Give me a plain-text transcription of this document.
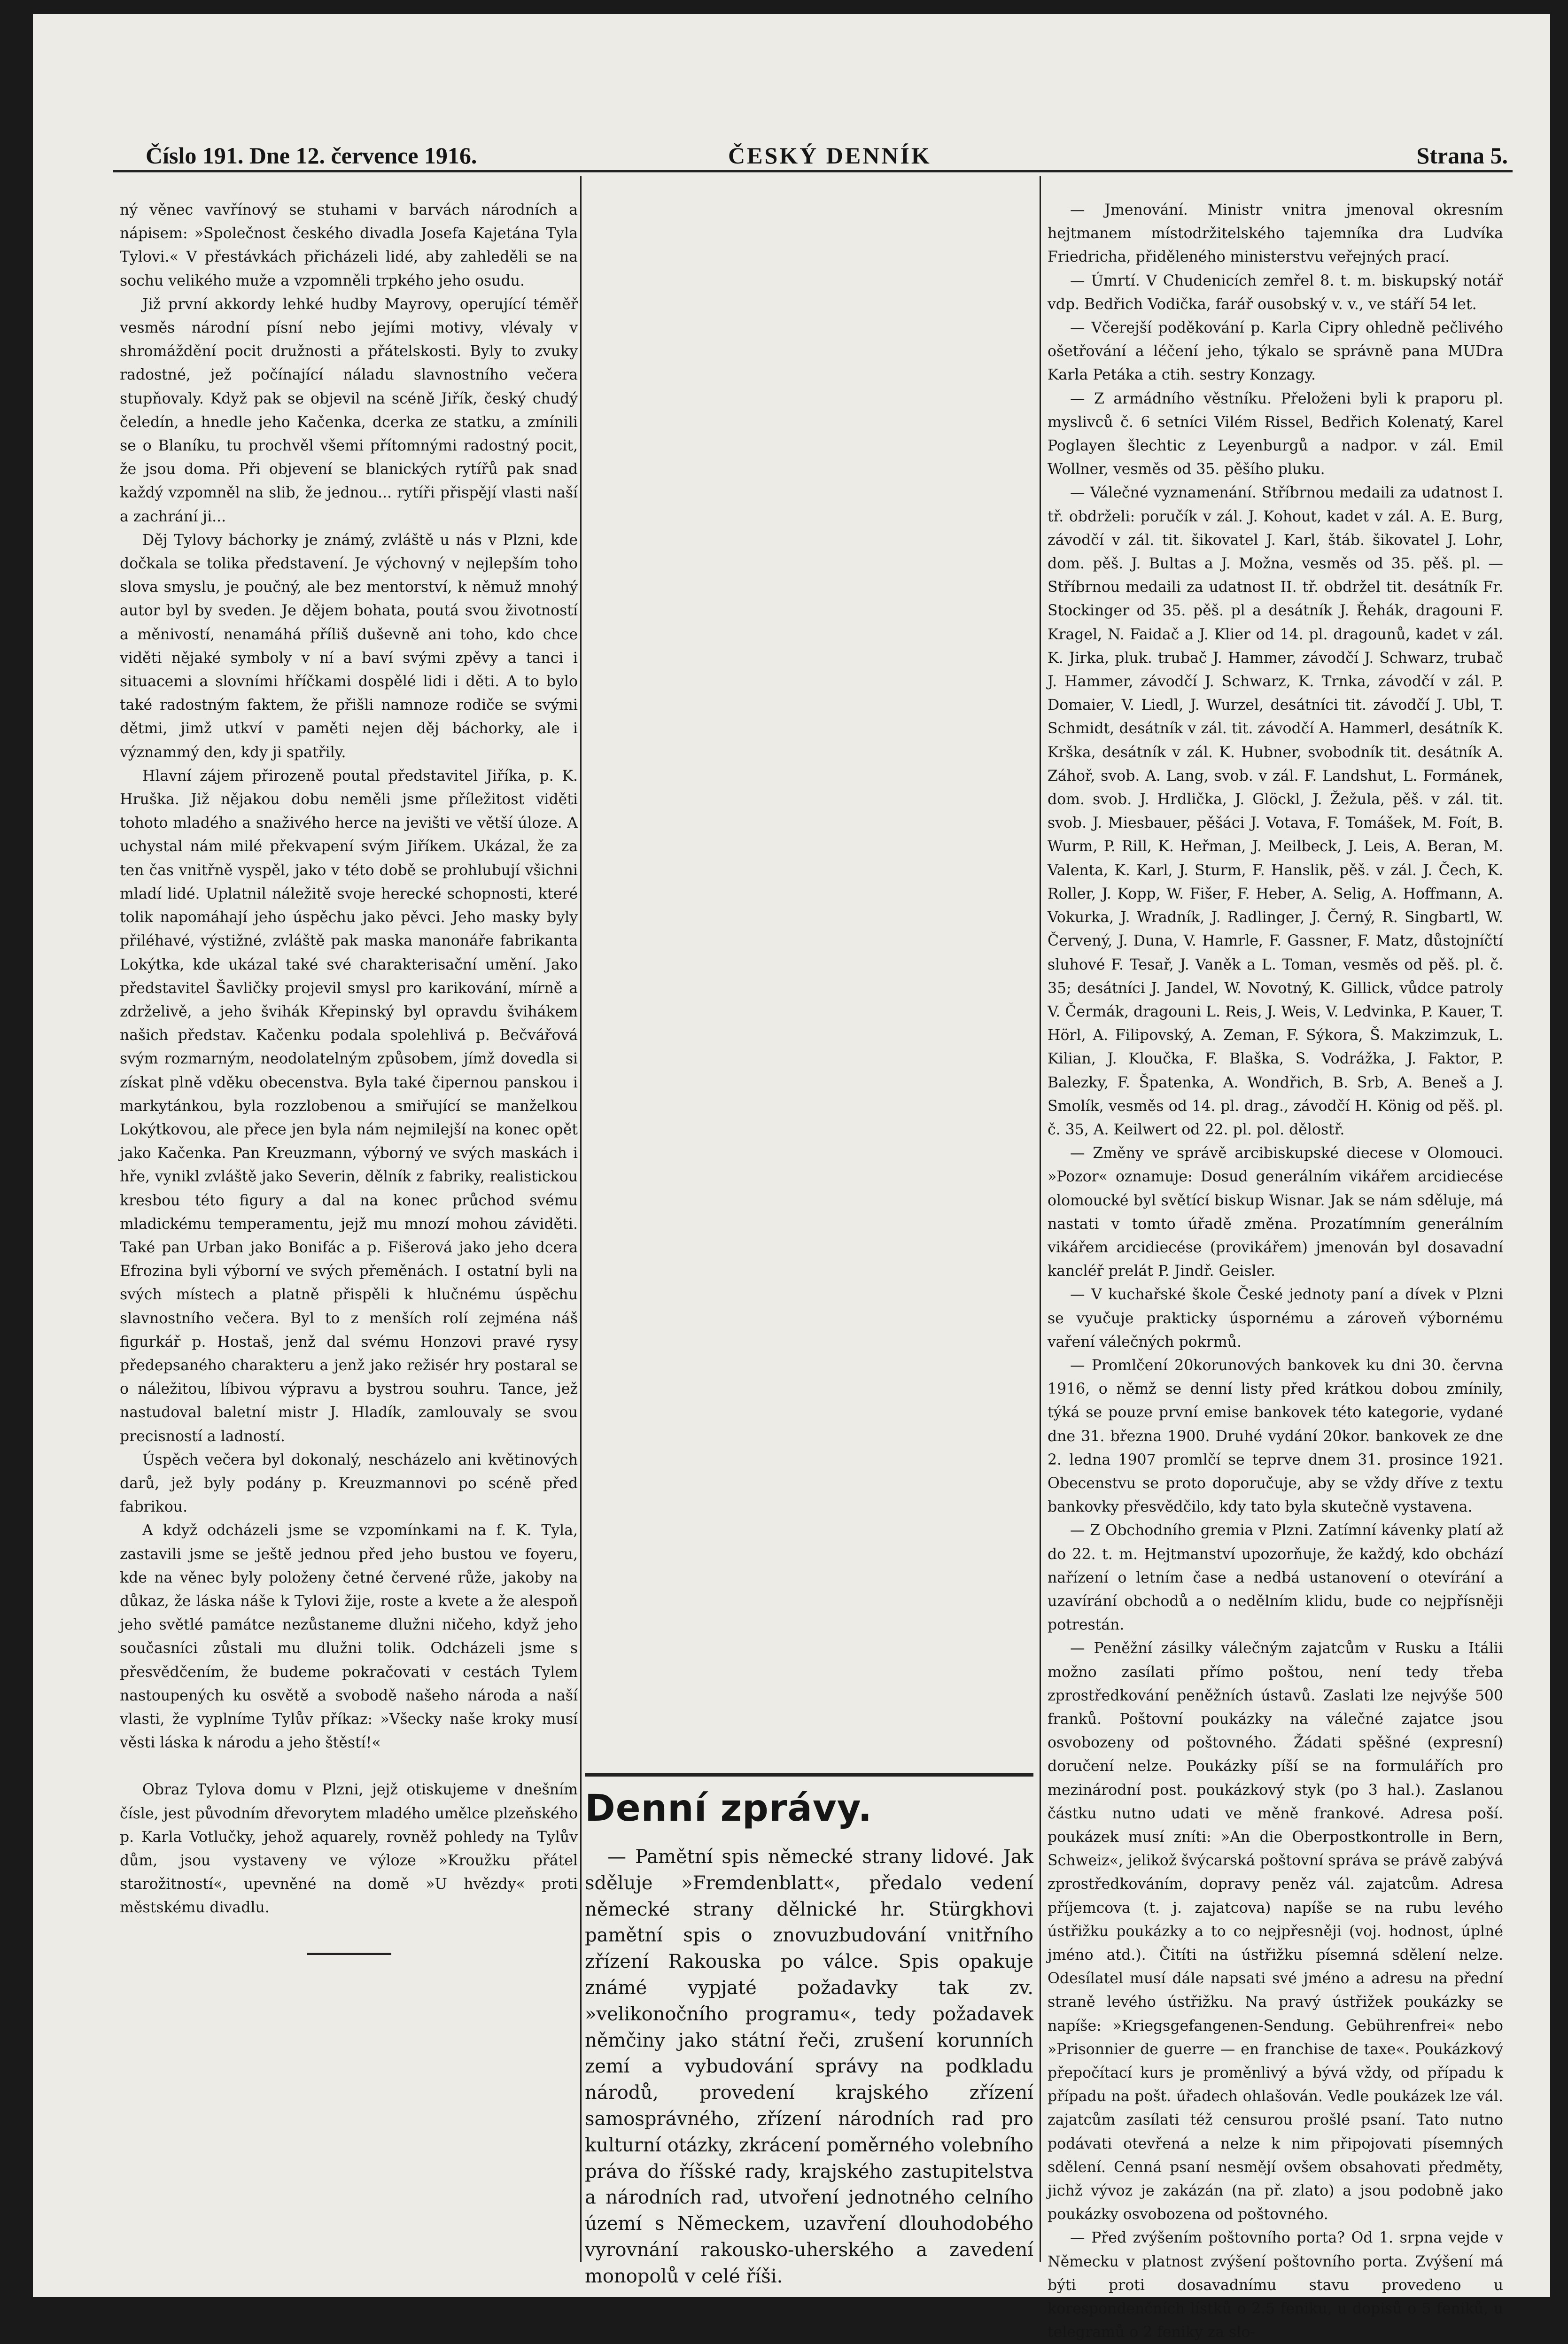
Číslo 191. Dne 12. července 1916.	ČESKÝ DENNÍK	Strana 5.

ný věnec vavřínový se stuhami v barvách národních a nápisem: »Společnost českého divadla Josefa Kajetána Tyla Tylovi.« V přestávkách přicházeli lidé, aby zahleděli se na sochu velikého muže a vzpomněli trpkého jeho osudu.

Již první akkordy lehké hudby Mayrovy, operující téměř vesměs národní písní nebo jejími motivy, vlévaly v shromáždění pocit družnosti a přátelskosti. Byly to zvuky radostné, jež počínající náladu slavnostního večera stupňovaly. Když pak se objevil na scéně Jiřík, český chudý čeledín, a hnedle jeho Kačenka, dcerka ze statku, a zmínili se o Blaníku, tu prochvěl všemi přítomnými radostný pocit, že jsou doma. Při objevení se blanických rytířů pak snad každý vzpomněl na slib, že jednou... rytíři přispějí vlasti naší a zachrání ji...

Děj Tylovy báchorky je známý, zvláště u nás v Plzni, kde dočkala se tolika představení. Je výchovný v nejlepším toho slova smyslu, je poučný, ale bez mentorství, k němuž mnohý autor byl by sveden. Je dějem bohata, poutá svou životností a měnivostí, nenamáhá příliš duševně ani toho, kdo chce viděti nějaké symboly v ní a baví svými zpěvy a tanci i situacemi a slovními hříčkami dospělé lidi i děti. A to bylo také radostným faktem, že přišli namnoze rodiče se svými dětmi, jimž utkví v paměti nejen děj báchorky, ale i význammý den, kdy ji spatřily.

Hlavní zájem přirozeně poutal představitel Jiříka, p. K. Hruška. Již nějakou dobu neměli jsme příležitost viděti tohoto mladého a snaživého herce na jevišti ve větší úloze. A uchystal nám milé překvapení svým Jiříkem. Ukázal, že za ten čas vnitřně vyspěl, jako v této době se prohlubují všichni mladí lidé. Uplatnil náležitě svoje herecké schopnosti, které tolik napomáhají jeho úspěchu jako pěvci. Jeho masky byly přiléhavé, výstižné, zvláště pak maska manonáře fabrikanta Lokýtka, kde ukázal také své charakterisační umění. Jako představitel Šavličky projevil smysl pro karikování, mírně a zdrželivě, a jeho švihák Křepinský byl opravdu švihákem našich představ. Kačenku podala spolehlivá p. Bečvářová svým rozmarným, neodolatelným způsobem, jímž dovedla si získat plně vděku obecenstva. Byla také čipernou panskou i markytánkou, byla rozzlobenou a smiřující se manželkou Lokýtkovou, ale přece jen byla nám nejmilejší na konec opět jako Kačenka. Pan Kreuzmann, výborný ve svých maskách i hře, vynikl zvláště jako Severin, dělník z fabriky, realistickou kresbou této figury a dal na konec průchod svému mladickému temperamentu, jejž mu mnozí mohou záviděti. Také pan Urban jako Bonifác a p. Fišerová jako jeho dcera Efrozina byli výborní ve svých přeměnách. I ostatní byli na svých místech a platně přispěli k hlučnému úspěchu slavnostního večera. Byl to z menších rolí zejména náš figurkář p. Hostaš, jenž dal svému Honzovi pravé rysy předepsaného charakteru a jenž jako režisér hry postaral se o náležitou, líbivou výpravu a bystrou souhru. Tance, jež nastudoval baletní mistr J. Hladík, zamlouvaly se svou precisností a ladností.

Úspěch večera byl dokonalý, nescházelo ani květinových darů, jež byly podány p. Kreuzmannovi po scéně před fabrikou.

A když odcházeli jsme se vzpomínkami na f. K. Tyla, zastavili jsme se ještě jednou před jeho bustou ve foyeru, kde na věnec byly položeny četné červené růže, jakoby na důkaz, že láska náše k Tylovi žije, roste a kvete a že alespoň jeho světlé památce nezůstaneme dlužni ničeho, když jeho současníci zůstali mu dlužni tolik. Odcházeli jsme s přesvědčením, že budeme pokračovati v cestách Tylem nastoupených ku osvětě a svobodě našeho národa a naší vlasti, že vyplníme Tylův příkaz: »Všecky naše kroky musí věsti láska k národu a jeho štěstí!«

Obraz Tylova domu v Plzni, jejž otiskujeme v dnešním čísle, jest původním dřevorytem mladého umělce plzeňského p. Karla Votlučky, jehož aquarely, rovněž pohledy na Tylův dům, jsou vystaveny ve výloze »Kroužku přátel starožitností«, upevněné na domě »U hvězdy« proti městskému divadlu.

Denní zprávy.

— Pamětní spis německé strany lidové. Jak sděluje »Fremdenblatt«, předalo vedení německé strany dělnické hr. Stürgkhovi pamětní spis o znovuzbudování vnitřního zřízení Rakouska po válce. Spis opakuje známé vypjaté požadavky tak zv. »velikonočního programu«, tedy požadavek němčiny jako státní řeči, zrušení korunních zemí a vybudování správy na podkladu národů, provedení krajského zřízení samosprávného, zřízení národních rad pro kulturní otázky, zkrácení poměrného volebního práva do říšské rady, krajského zastupitelstva a národních rad, utvoření jednotného celního území s Německem, uzavření dlouhodobého vyrovnání rakousko-uherského a zavedení monopolů v celé říši.

— Jmenování. Ministr vnitra jmenoval okresním hejtmanem místodržitelského tajemníka dra Ludvíka Friedricha, přiděleného ministerstvu veřejných prací.

— Úmrtí. V Chudenicích zemřel 8. t. m. biskupský notář vdp. Bedřich Vodička, farář ousobský v. v., ve stáří 54 let.

— Včerejší poděkování p. Karla Cipry ohledně pečlivého ošetřování a léčení jeho, týkalo se správně pana MUDra Karla Petáka a ctih. sestry Konzagy.

— Z armádního věstníku. Přeloženi byli k praporu pl. myslivců č. 6 setníci Vilém Rissel, Bedřich Kolenatý, Karel Poglayen šlechtic z Leyenburgů a nadpor. v zál. Emil Wollner, vesměs od 35. pěšího pluku.

— Válečné vyznamenání. Stříbrnou medaili za udatnost I. tř. obdrželi: poručík v zál. J. Kohout, kadet v zál. A. E. Burg, závodčí v zál. tit. šikovatel J. Karl, štáb. šikovatel J. Lohr, dom. pěš. J. Bultas a J. Možna, vesměs od 35. pěš. pl. — Stříbrnou medaili za udatnost II. tř. obdržel tit. desátník Fr. Stockinger od 35. pěš. pl a desátník J. Řehák, dragouni F. Kragel, N. Faidač a J. Klier od 14. pl. dragounů, kadet v zál. K. Jirka, pluk. trubač J. Hammer, závodčí J. Schwarz, trubač J. Hammer, závodčí J. Schwarz, K. Trnka, závodčí v zál. P. Domaier, V. Liedl, J. Wurzel, desátníci tit. závodčí J. Ubl, T. Schmidt, desátník v zál. tit. závodčí A. Hammerl, desátník K. Krška, desátník v zál. K. Hubner, svobodník tit. desátník A. Záhoř, svob. A. Lang, svob. v zál. F. Landshut, L. Formánek, dom. svob. J. Hrdlička, J. Glöckl, J. Žežula, pěš. v zál. tit. svob. J. Miesbauer, pěšáci J. Votava, F. Tomášek, M. Foít, B. Wurm, P. Rill, K. Heřman, J. Meilbeck, J. Leis, A. Beran, M. Valenta, K. Karl, J. Sturm, F. Hanslik, pěš. v zál. J. Čech, K. Roller, J. Kopp, W. Fišer, F. Heber, A. Selig, A. Hoffmann, A. Vokurka, J. Wradník, J. Radlinger, J. Černý, R. Singbartl, W. Červený, J. Duna, V. Hamrle, F. Gassner, F. Matz, důstojníčtí sluhové F. Tesař, J. Vaněk a L. Toman, vesměs od pěš. pl. č. 35; desátníci J. Jandel, W. Novotný, K. Gillick, vůdce patroly V. Čermák, dragouni L. Reis, J. Weis, V. Ledvinka, P. Kauer, T. Hörl, A. Filipovský, A. Zeman, F. Sýkora, Š. Makzimzuk, L. Kilian, J. Kloučka, F. Blaška, S. Vodrážka, J. Faktor, P. Balezky, F. Špatenka, A. Wondřich, B. Srb, A. Beneš a J. Smolík, vesměs od 14. pl. drag., závodčí H. König od pěš. pl. č. 35, A. Keilwert od 22. pl. pol. dělostř.

— Změny ve správě arcibiskupské diecese v Olomouci. »Pozor« oznamuje: Dosud generálním vikářem arcidiecése olomoucké byl světící biskup Wisnar. Jak se nám sděluje, má nastati v tomto úřadě změna. Prozatímním generálním vikářem arcidiecése (provikářem) jmenován byl dosavadní kancléř prelát P. Jindř. Geisler.

— V kuchařské škole České jednoty paní a dívek v Plzni se vyučuje prakticky úspornému a zároveň výbornému vaření válečných pokrmů.

— Promlčení 20korunových bankovek ku dni 30. června 1916, o němž se denní listy před krátkou dobou zmínily, týká se pouze první emise bankovek této kategorie, vydané dne 31. března 1900. Druhé vydání 20kor. bankovek ze dne 2. ledna 1907 promlčí se teprve dnem 31. prosince 1921. Obecenstvu se proto doporučuje, aby se vždy dříve z textu bankovky přesvědčilo, kdy tato byla skutečně vystavena.

— Z Obchodního gremia v Plzni. Zatímní kávenky platí až do 22. t. m. Hejtmanství upozorňuje, že každý, kdo obchází nařízení o letním čase a nedbá ustanovení o otevírání a uzavírání obchodů a o nedělním klidu, bude co nejpřísněji potrestán.

— Peněžní zásilky válečným zajatcům v Rusku a Itálii možno zasílati přímo poštou, není tedy třeba zprostředkování peněžních ústavů. Zaslati lze nejvýše 500 franků. Poštovní poukázky na válečné zajatce jsou osvobozeny od poštovného. Žádati spěšné (expresní) doručení nelze. Poukázky píší se na formulářích pro mezinárodní post. poukázkový styk (po 3 hal.). Zaslanou částku nutno udati ve měně frankové. Adresa poší. poukázek musí zníti: »An die Oberpostkontrolle in Bern, Schweiz«, jelikož švýcarská poštovní správa se právě zabývá zprostředkováním, dopravy peněz vál. zajatcům. Adresa příjemcova (t. j. zajatcova) napíše se na rubu levého ústřižku poukázky a to co nejpřesněji (voj. hodnost, úplné jméno atd.). Čitíti na ústřižku písemná sdělení nelze. Odesílatel musí dále napsati své jméno a adresu na přední straně levého ústřižku. Na pravý ústřižek poukázky se napíše: »Kriegsgefangenen-Sendung. Gebührenfrei« nebo »Prisonnier de guerre — en franchise de taxe«. Poukázkový přepočítací kurs je proměnlivý a bývá vždy, od případu k případu na pošt. úřadech ohlašován. Vedle poukázek lze vál. zajatcům zasílati též censurou prošlé psaní. Tato nutno podávati otevřená a nelze k nim připojovati písemných sdělení. Cenná psaní nesmějí ovšem obsahovati předměty, jichž vývoz je zakázán (na př. zlato) a jsou podobně jako poukázky osvobozena od poštovného.

— Před zvýšením poštovního porta? Od 1. srpna vejde v Německu v platnost zvýšení poštovního porta. Zvýšení má býti proti dosavadnímu stavu provedeno u korespondenčních lístků o 2.5 feniku, u dopisů o 5 feniků, u telegramů o 2 feniky za slo-
